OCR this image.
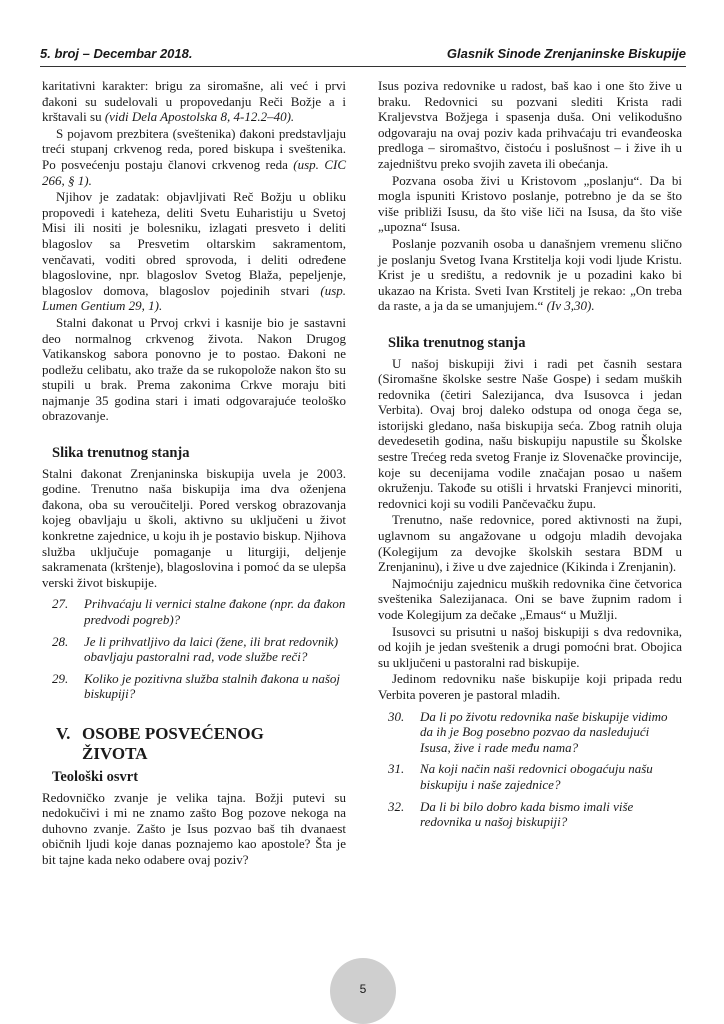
5. broj – Decembar 2018.	Glasnik Sinode Zrenjaninske Biskupije

karitativni karakter: brigu za siromašne, ali već i prvi đakoni su sudelovali u propovedanju Reči Božje a i krštavali su (vidi Dela Apostolska 8, 4-12.2–40).

S pojavom prezbitera (sveštenika) đakoni predstavljaju treći stupanj crkvenog reda, pored biskupa i sveštenika. Po posvećenju postaju članovi crkvenog reda (usp. CIC 266, § 1).

Njihov je zadatak: objavljivati Reč Božju u obliku propovedi i kateheza, deliti Svetu Euharistiju u Svetoj Misi ili nositi je bolesniku, izlagati presveto i deliti blagoslov sa Presvetim oltarskim sakramentom, venčavati, voditi obred sprovoda, i deliti određene blagoslovine, npr. blagoslov Svetog Blaža, pepeljenje, blagoslov domova, blagoslov pojedinih stvari (usp. Lumen Gentium 29, 1).

Stalni đakonat u Prvoj crkvi i kasnije bio je sastavni deo normalnog crkvenog života. Nakon Drugog Vatikanskog sabora ponovno je to postao. Đakoni ne podležu celibatu, ako traže da se rukopolože nakon što su stupili u brak. Prema zakonima Crkve moraju biti najmanje 35 godina stari i imati odgovarajuće teološko obrazovanje.

Slika trenutnog stanja

Stalni đakonat Zrenjaninska biskupija uvela je 2003. godine. Trenutno naša biskupija ima dva oženjena đakona, oba su veroučitelji. Pored verskog obrazovanja kojeg obavljaju u školi, aktivno su uključeni u život konkretne zajednice, u koju ih je postavio biskup. Njihova služba uključuje pomaganje u liturgiji, deljenje sakramenata (krštenje), blagoslovina i pomoć da se ulepša verski život biskupije.

27. Prihvaćaju li vernici stalne đakone (npr. da đakon predvodi pogreb)?
28. Je li prihvatljivo da laici (žene, ili brat redovnik) obavljaju pastoralni rad, vode službe reči?
29. Koliko je pozitivna služba stalnih đakona u našoj biskupiji?
V. OSOBE POSVEĆENOG
ŽIVOTA
Teološki osvrt

Redovničko zvanje je velika tajna. Božji putevi su nedokučivi i mi ne znamo zašto Bog pozove nekoga na duhovno zvanje. Zašto je Isus pozvao baš tih dvanaest običnih ljudi koje danas poznajemo kao apostole? Šta je bit tajne kada neko odabere ovaj poziv?

Isus poziva redovnike u radost, baš kao i one što žive u braku. Redovnici su pozvani slediti Krista radi Kraljevstva Božjega i spasenja duša. Oni velikodušno odgovaraju na ovaj poziv kada prihvaćaju tri evanđeoska predloga – siromaštvo, čistoću i poslušnost – i žive ih u zajedništvu preko svojih zaveta ili obećanja.

Pozvana osoba živi u Kristovom „poslanju“. Da bi mogla ispuniti Kristovo poslanje, potrebno je da se što više približi Isusu, da što više liči na Isusa, da što više „upozna“ Isusa.

Poslanje pozvanih osoba u današnjem vremenu slično je poslanju Svetog Ivana Krstitelja koji vodi ljude Kristu. Krist je u središtu, a redovnik je u pozadini kako bi ukazao na Krista. Sveti Ivan Krstitelj je rekao: „On treba da raste, a ja da se umanjujem.“ (Iv 3,30).

Slika trenutnog stanja

U našoj biskupiji živi i radi pet časnih sestara (Siromašne školske sestre Naše Gospe) i sedam muških redovnika (četiri Salezijanca, dva Isusovca i jedan Verbita). Ovaj broj daleko odstupa od onoga čega se, istorijski gledano, naša biskupija seća. Zbog ratnih oluja devedesetih godina, našu biskupiju napustile su Školske sestre Trećeg reda svetog Franje iz Slovenačke provincije, koje su decenijama vodile značajan posao u našem okruženju. Takođe su otišli i hrvatski Franjevci minoriti, redovnici koji su vodili Pančevačku župu.

Trenutno, naše redovnice, pored aktivnosti na župi, uglavnom su angažovane u odgoju mladih devojaka (Kolegijum za devojke školskih sestara BDM u Zrenjaninu), i žive u dve zajednice (Kikinda i Zrenjanin).

Najmoćniju zajednicu muških redovnika čine četvorica sveštenika Salezijanaca. Oni se bave župnim radom i vode Kolegijum za dečake „Emaus“ u Mužlji.

Isusovci su prisutni u našoj biskupiji s dva redovnika, od kojih je jedan sveštenik a drugi pomoćni brat. Obojica su uključeni u pastoralni rad biskupije.

Jedinom redovniku naše biskupije koji pripada redu Verbita poveren je pastoral mladih.

30. Da li po životu redovnika naše biskupije vidimo da ih je Bog posebno pozvao da nasleduјući Isusa, žive i rade među nama?
31. Na koji način naši redovnici obogaćuju našu biskupiju i naše zajednice?
32. Da li bi bilo dobro kada bismo imali više redovnika u našoj biskupiji?
5
